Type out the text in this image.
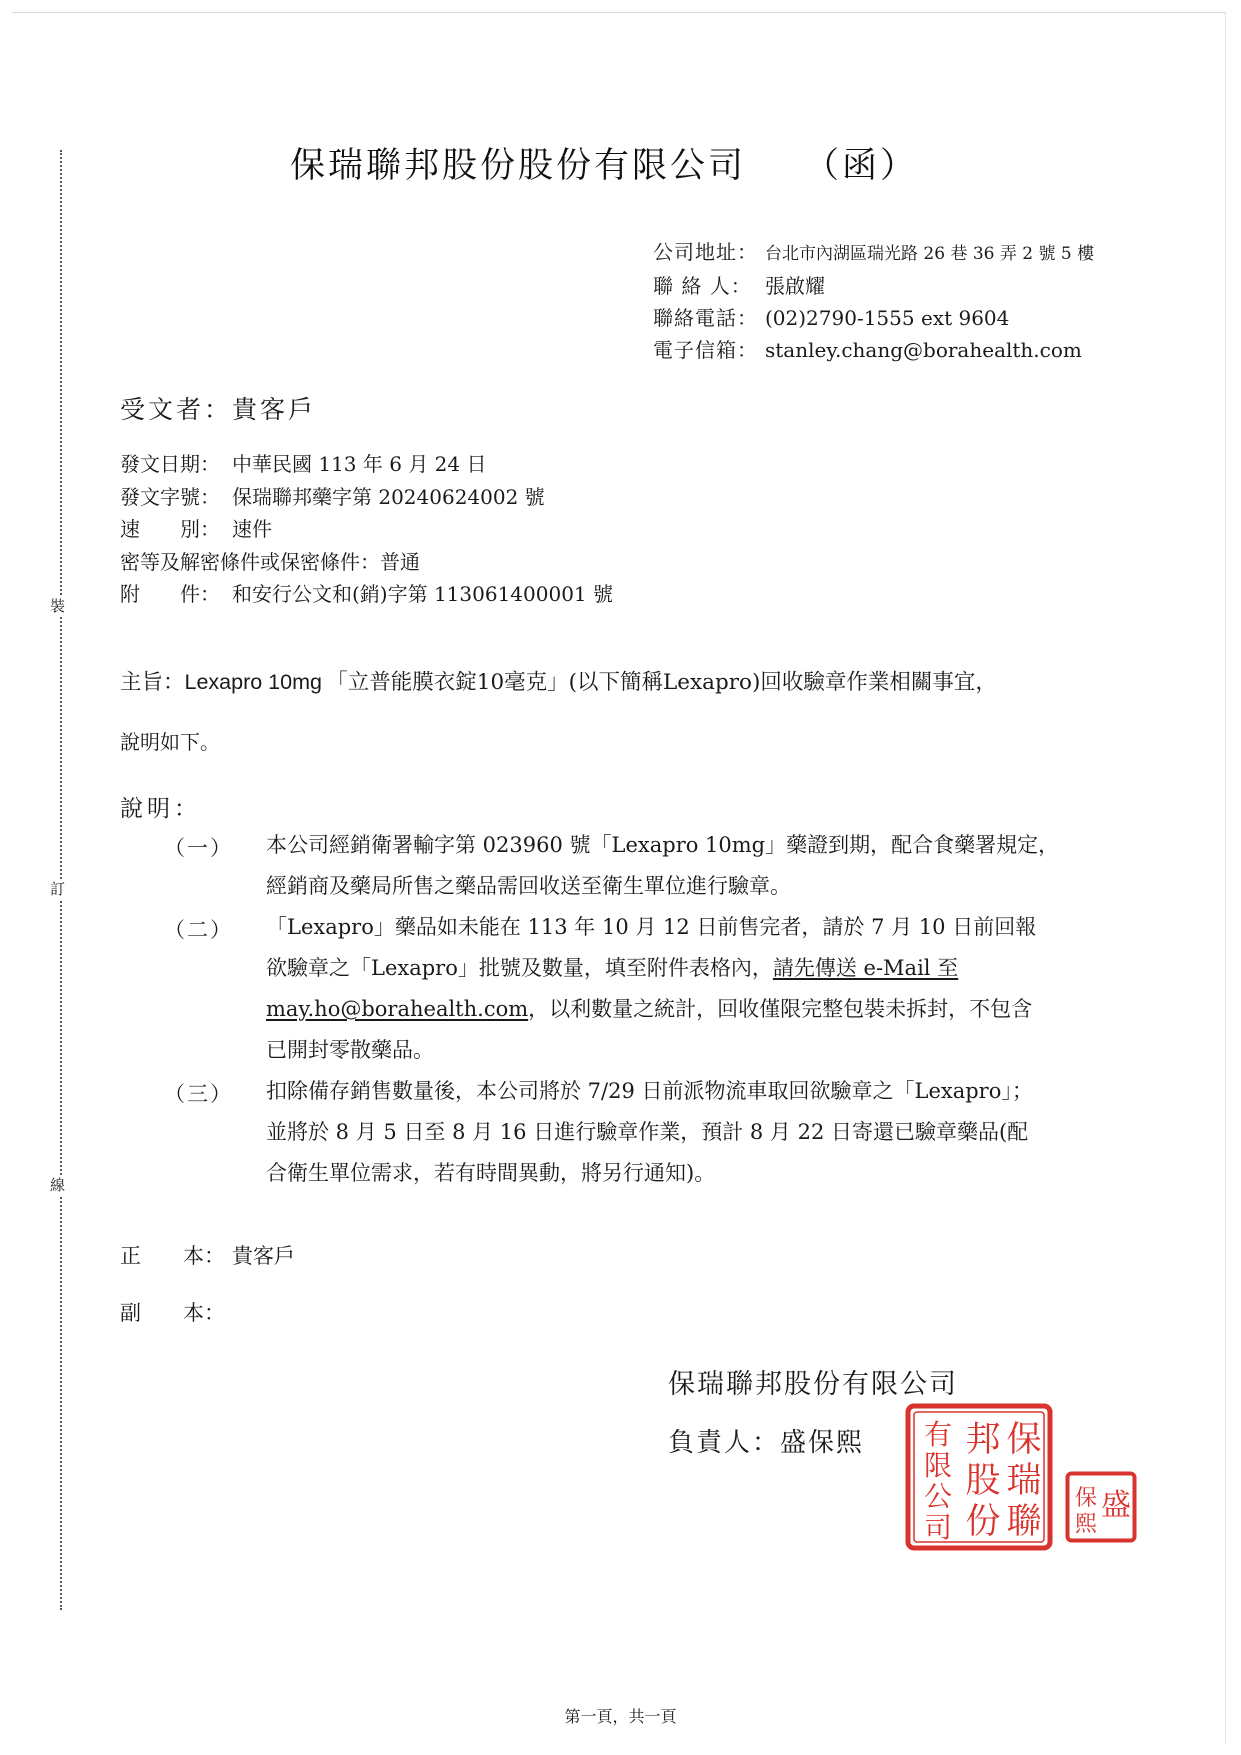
裝
訂
線
保瑞聯邦股份股份有限公司 （函）
公司地址： 台北市內湖區瑞光路 26 巷 36 弄 2 號 5 樓
聯 絡 人： 張啟耀
聯絡電話： (02)2790-1555 ext 9604
電子信箱： stanley.chang@borahealth.com
受文者：貴客戶
發文日期： 中華民國 113 年 6 月 24 日
發文字號： 保瑞聯邦藥字第 20240624002 號
速　　別： 速件
密等及解密條件或保密條件：普通
附　　件： 和安行公文和(銷)字第 113061400001 號
主旨：Lexapro 10mg  「立普能膜衣錠10毫克」(以下簡稱Lexapro)回收驗章作業相關事宜，
說明如下。
說明：
（一） 本公司經銷衛署輸字第 023960 號「Lexapro 10mg」藥證到期，配合食藥署規定，
經銷商及藥局所售之藥品需回收送至衛生單位進行驗章。
（二） 「Lexapro」藥品如未能在 113 年 10 月 12 日前售完者，請於 7 月 10 日前回報
欲驗章之「Lexapro」批號及數量，填至附件表格內，請先傳送 e-Mail 至
may.ho@borahealth.com，以利數量之統計，回收僅限完整包裝未拆封，不包含
已開封零散藥品。
（三） 扣除備存銷售數量後，本公司將於 7/29 日前派物流車取回欲驗章之「Lexapro」；
並將於 8 月 5 日至 8 月 16 日進行驗章作業，預計 8 月 22 日寄還已驗章藥品(配
合衛生單位需求，若有時間異動，將另行通知)。
正　　本： 貴客戶
副　　本：
保瑞聯邦股份有限公司
負責人：盛保熙	保
瑞
聯
邦
股
份
有
限
公
司
盛
保
熙
第一頁，共一頁
